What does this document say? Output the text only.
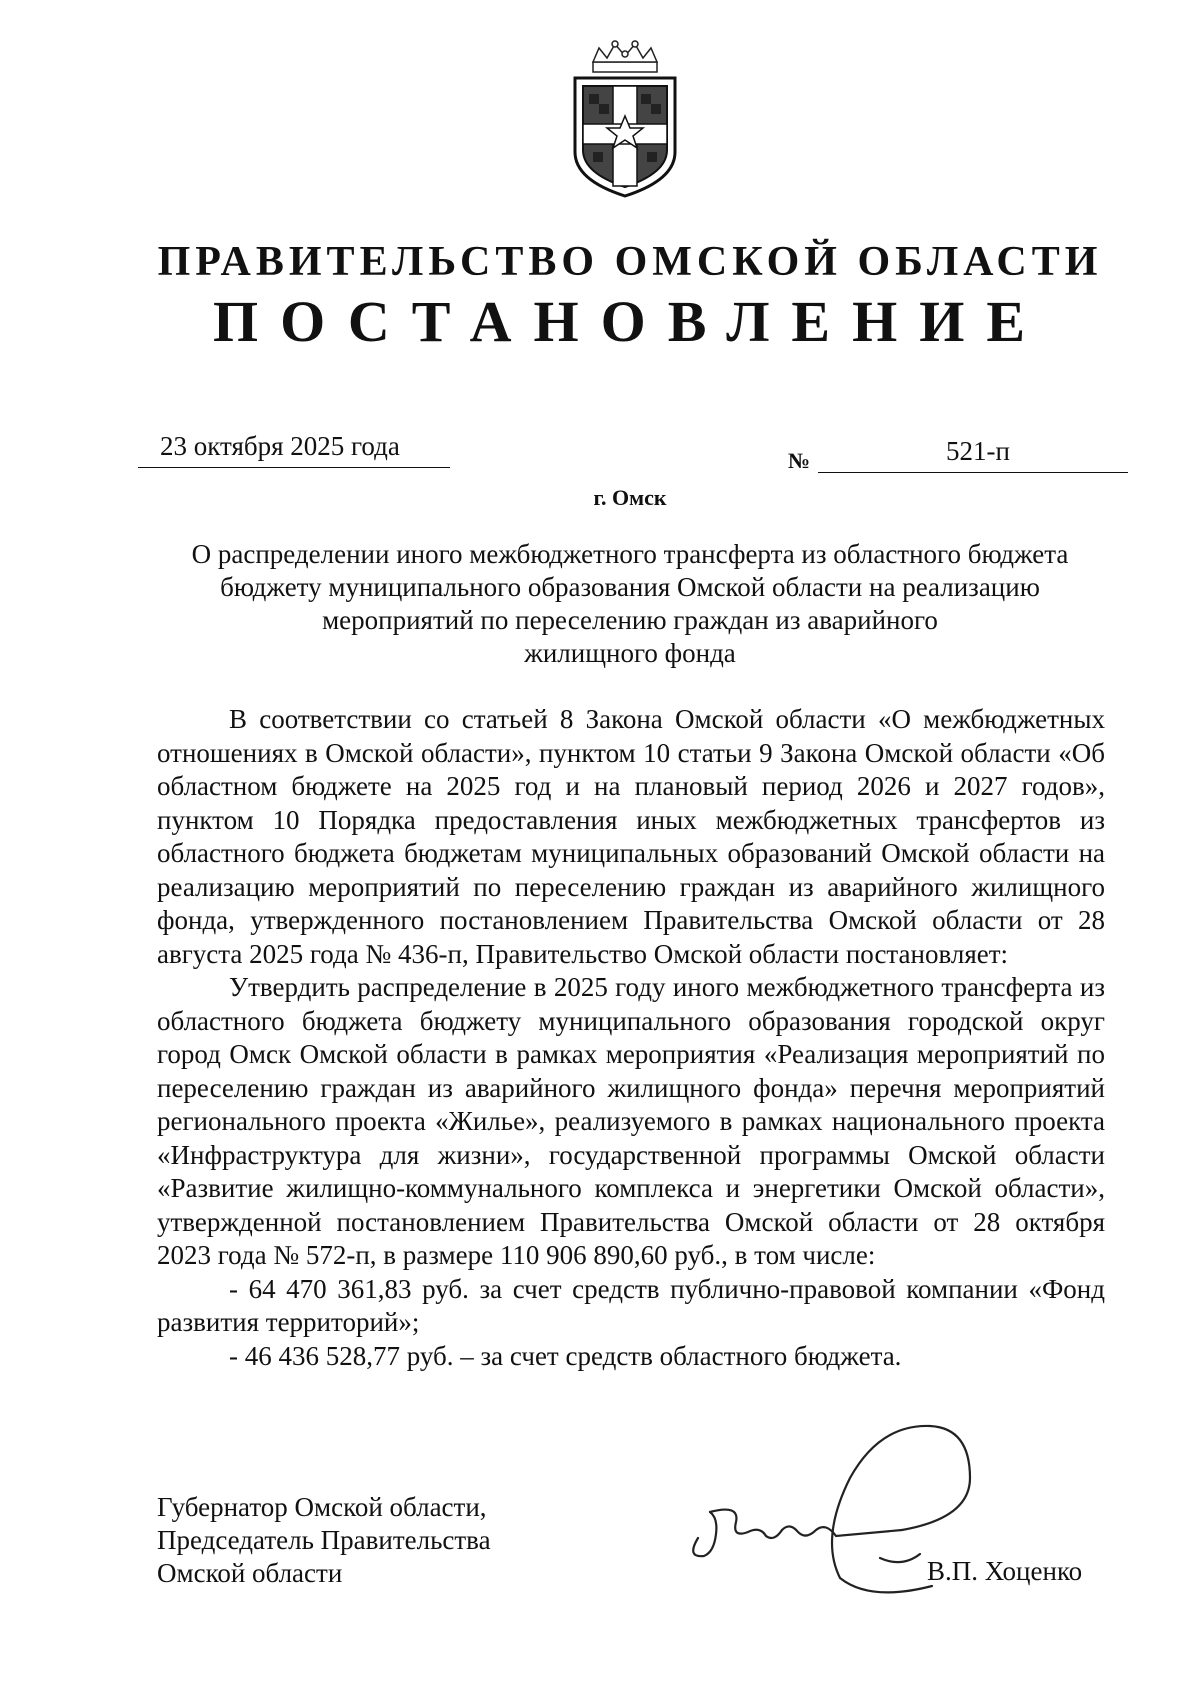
ПРАВИТЕЛЬСТВО ОМСКОЙ ОБЛАСТИ
ПОСТАНОВЛЕНИЕ
23 октября 2025 года	№	521-п
г. Омск
О распределении иного межбюджетного трансферта из областного бюджета
бюджету муниципального образования Омской области на реализацию
мероприятий по переселению граждан из аварийного
жилищного фонда

В соответствии со статьей 8 Закона Омской области «О межбюджетных отношениях в Омской области», пунктом 10 статьи 9 Закона Омской области «Об областном бюджете на 2025 год и на плановый период 2026 и 2027 годов», пунктом 10 Порядка предоставления иных межбюджетных трансфертов из областного бюджета бюджетам муниципальных образований Омской области на реализацию мероприятий по переселению граждан из аварийного жилищного фонда, утвержденного постановлением Правительства Омской области от 28 августа 2025 года № 436-п, Правительство Омской области постановляет:

Утвердить распределение в 2025 году иного межбюджетного трансферта из областного бюджета бюджету муниципального образования городской округ город Омск Омской области в рамках мероприятия «Реализация мероприятий по переселению граждан из аварийного жилищного фонда» перечня мероприятий регионального проекта «Жилье», реализуемого в рамках национального проекта «Инфраструктура для жизни», государственной программы Омской области «Развитие жилищно-коммунального комплекса и энергетики Омской области», утвержденной постановлением Правительства Омской области от 28 октября 2023 года № 572-п, в размере 110 906 890,60 руб., в том числе:

- 64 470 361,83 руб. за счет средств публично-правовой компании «Фонд развития территорий»;

- 46 436 528,77 руб. – за счет средств областного бюджета.

Губернатор Омской области,
Председатель Правительства
Омской области	В.П. Хоценко
